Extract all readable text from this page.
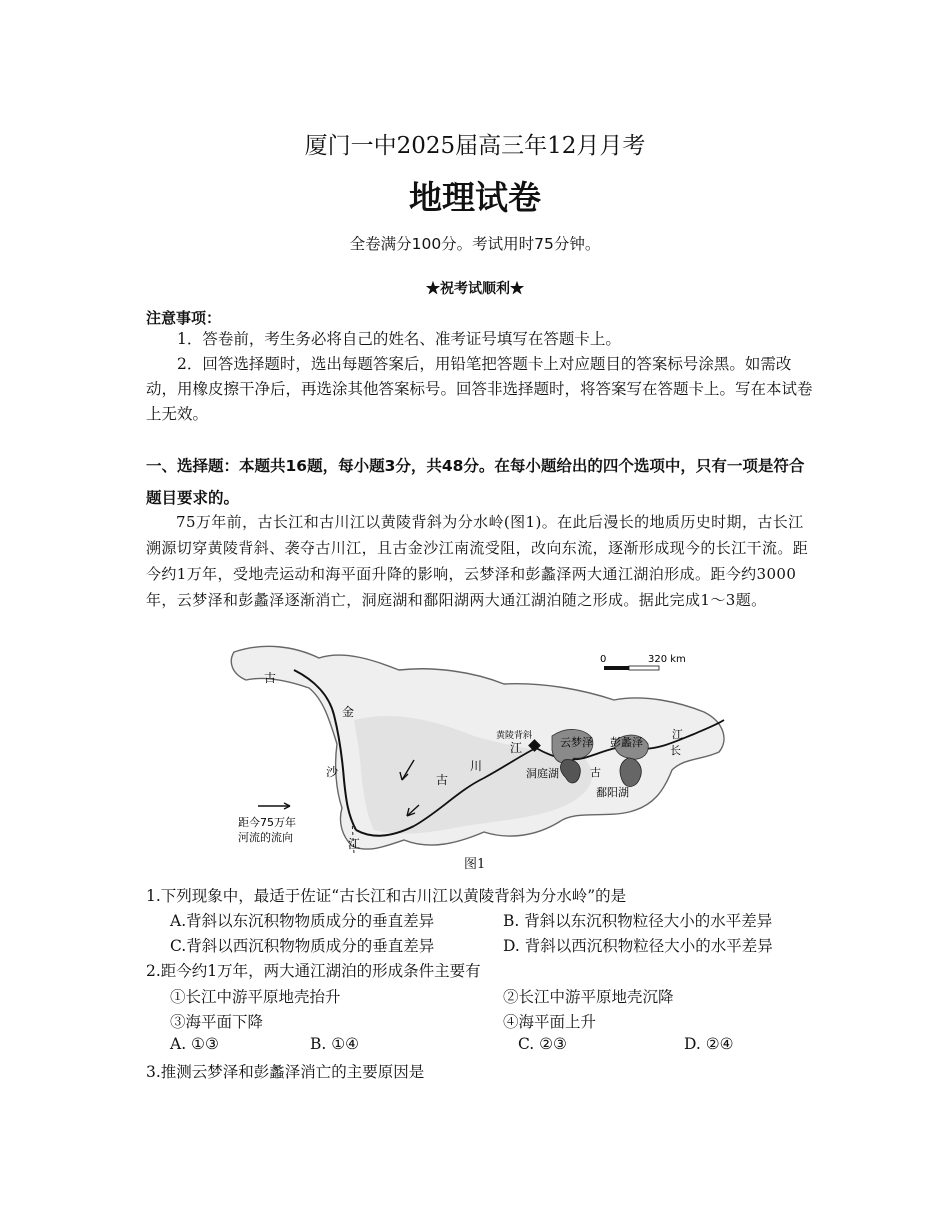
厦门一中2025届高三年12月月考
地理试卷
全卷满分100分。考试用时75分钟。
★祝考试顺利★
注意事项：
1．答卷前，考生务必将自己的姓名、准考证号填写在答题卡上。
2．回答选择题时，选出每题答案后，用铅笔把答题卡上对应题目的答案标号涂黑。如需改动，用橡皮擦干净后，再选涂其他答案标号。回答非选择题时，将答案写在答题卡上。写在本试卷上无效。
一、选择题：本题共16题，每小题3分，共48分。在每小题给出的四个选项中，只有一项是符合题目要求的。
75万年前，古长江和古川江以黄陵背斜为分水岭(图1)。在此后漫长的地质历史时期，古长江溯源切穿黄陵背斜、袭夺古川江，且古金沙江南流受阻，改向东流，逐渐形成现今的长江干流。距今约1万年，受地壳运动和海平面升降的影响，云梦泽和彭蠡泽两大通江湖泊形成。距今约3000年，云梦泽和彭蠡泽逐渐消亡，洞庭湖和鄱阳湖两大通江湖泊随之形成。据此完成1～3题。
0	320 km
古
金
沙
江
黄陵背斜
古
川
江	云梦泽 彭蠡泽
洞庭湖	古
长
江
鄱阳湖
距今75万年
河流的流向
图1
1.下列现象中，最适于佐证“古长江和古川江以黄陵背斜为分水岭”的是
A.背斜以东沉积物物质成分的垂直差异	B. 背斜以东沉积物粒径大小的水平差异
C.背斜以西沉积物物质成分的垂直差异	D. 背斜以西沉积物粒径大小的水平差异
2.距今约1万年，两大通江湖泊的形成条件主要有
①长江中游平原地壳抬升	②长江中游平原地壳沉降
③海平面下降	④海平面上升
A. ①③	B. ①④	C. ②③	D. ②④
3.推测云梦泽和彭蠡泽消亡的主要原因是
